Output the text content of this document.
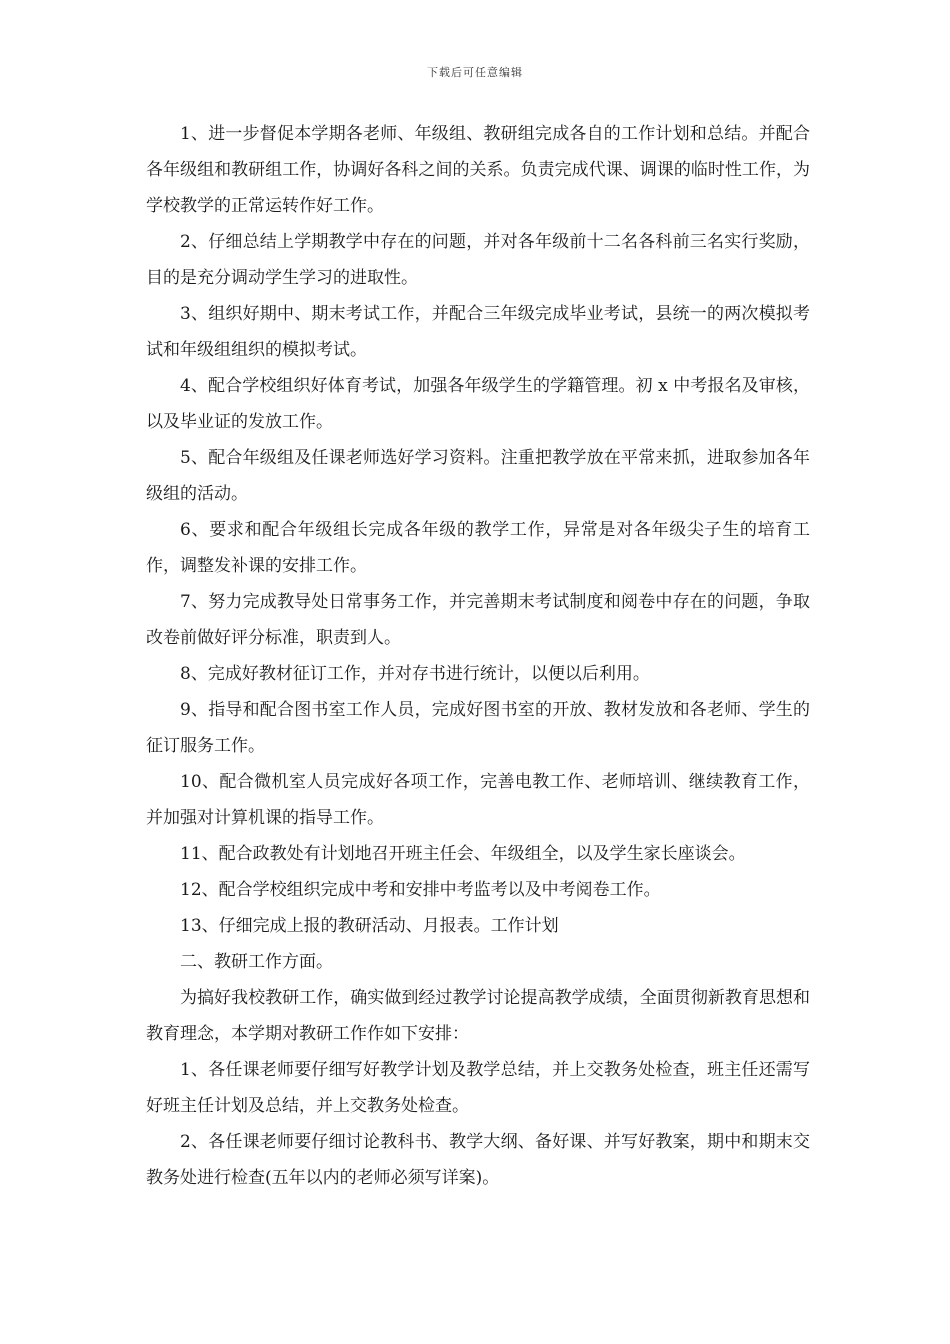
下载后可任意编辑

1、进一步督促本学期各老师、年级组、教研组完成各自的工作计划和总结。并配合各年级组和教研组工作，协调好各科之间的关系。负责完成代课、调课的临时性工作，为学校教学的正常运转作好工作。

2、仔细总结上学期教学中存在的问题，并对各年级前十二名各科前三名实行奖励，目的是充分调动学生学习的进取性。

3、组织好期中、期末考试工作，并配合三年级完成毕业考试，县统一的两次模拟考试和年级组组织的模拟考试。

4、配合学校组织好体育考试，加强各年级学生的学籍管理。初 x 中考报名及审核，以及毕业证的发放工作。

5、配合年级组及任课老师选好学习资料。注重把教学放在平常来抓，进取参加各年级组的活动。

6、要求和配合年级组长完成各年级的教学工作，异常是对各年级尖子生的培育工作，调整发补课的安排工作。

7、努力完成教导处日常事务工作，并完善期末考试制度和阅卷中存在的问题，争取改卷前做好评分标准，职责到人。

8、完成好教材征订工作，并对存书进行统计，以便以后利用。

9、指导和配合图书室工作人员，完成好图书室的开放、教材发放和各老师、学生的征订服务工作。

10、配合微机室人员完成好各项工作，完善电教工作、老师培训、继续教育工作，并加强对计算机课的指导工作。

11、配合政教处有计划地召开班主任会、年级组全，以及学生家长座谈会。

12、配合学校组织完成中考和安排中考监考以及中考阅卷工作。

13、仔细完成上报的教研活动、月报表。工作计划

二、教研工作方面。

为搞好我校教研工作，确实做到经过教学讨论提高教学成绩，全面贯彻新教育思想和教育理念，本学期对教研工作作如下安排：

1、各任课老师要仔细写好教学计划及教学总结，并上交教务处检查，班主任还需写好班主任计划及总结，并上交教务处检查。

2、各任课老师要仔细讨论教科书、教学大纲、备好课、并写好教案，期中和期末交教务处进行检查(五年以内的老师必须写详案)。
